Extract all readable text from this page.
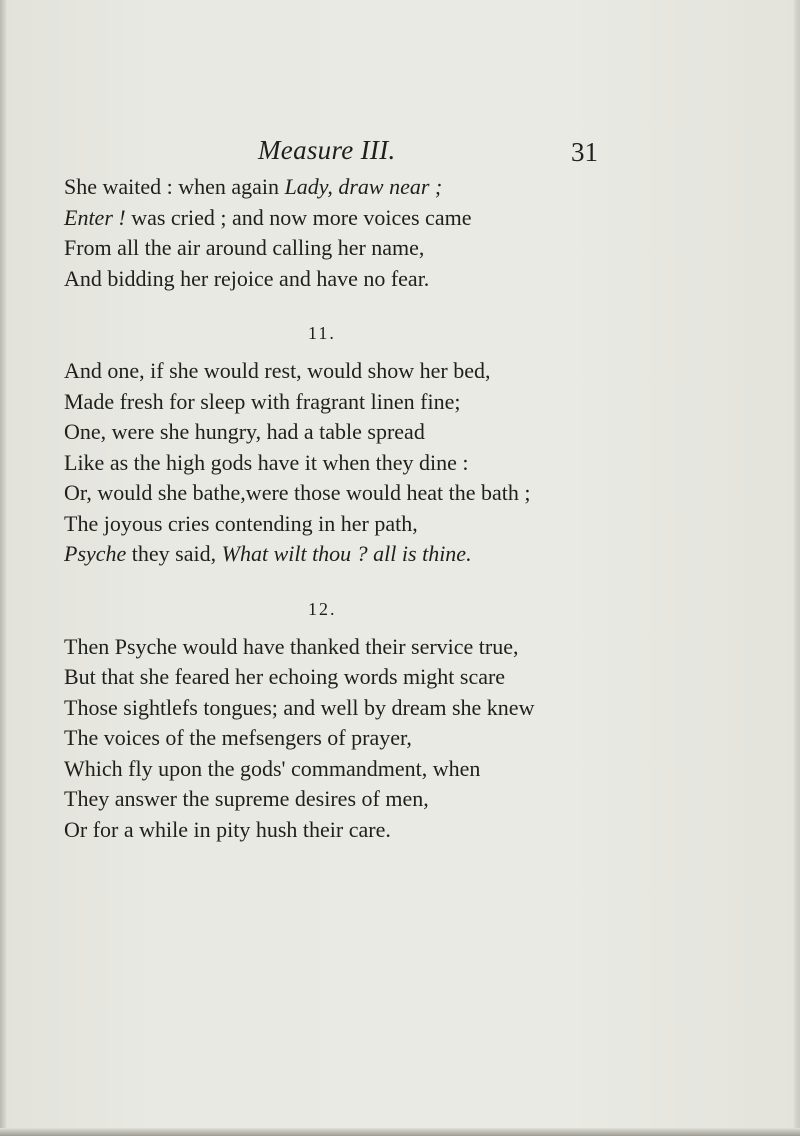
Measure III.	31
She waited : when again Lady, draw near ;
Enter ! was cried ; and now more voices came
From all the air around calling her name,
And bidding her rejoice and have no fear.
11.
And one, if she would rest, would show her bed,
Made fresh for sleep with fragrant linen fine;
One, were she hungry, had a table spread
Like as the high gods have it when they dine :
Or, would she bathe,were those would heat the bath ;
The joyous cries contending in her path,
Psyche they said, What wilt thou ? all is thine.
12.
Then Psyche would have thanked their service true,
But that she feared her echoing words might scare
Those sightlefs tongues; and well by dream she knew
The voices of the mefsengers of prayer,
Which fly upon the gods' commandment, when
They answer the supreme desires of men,
Or for a while in pity hush their care.
